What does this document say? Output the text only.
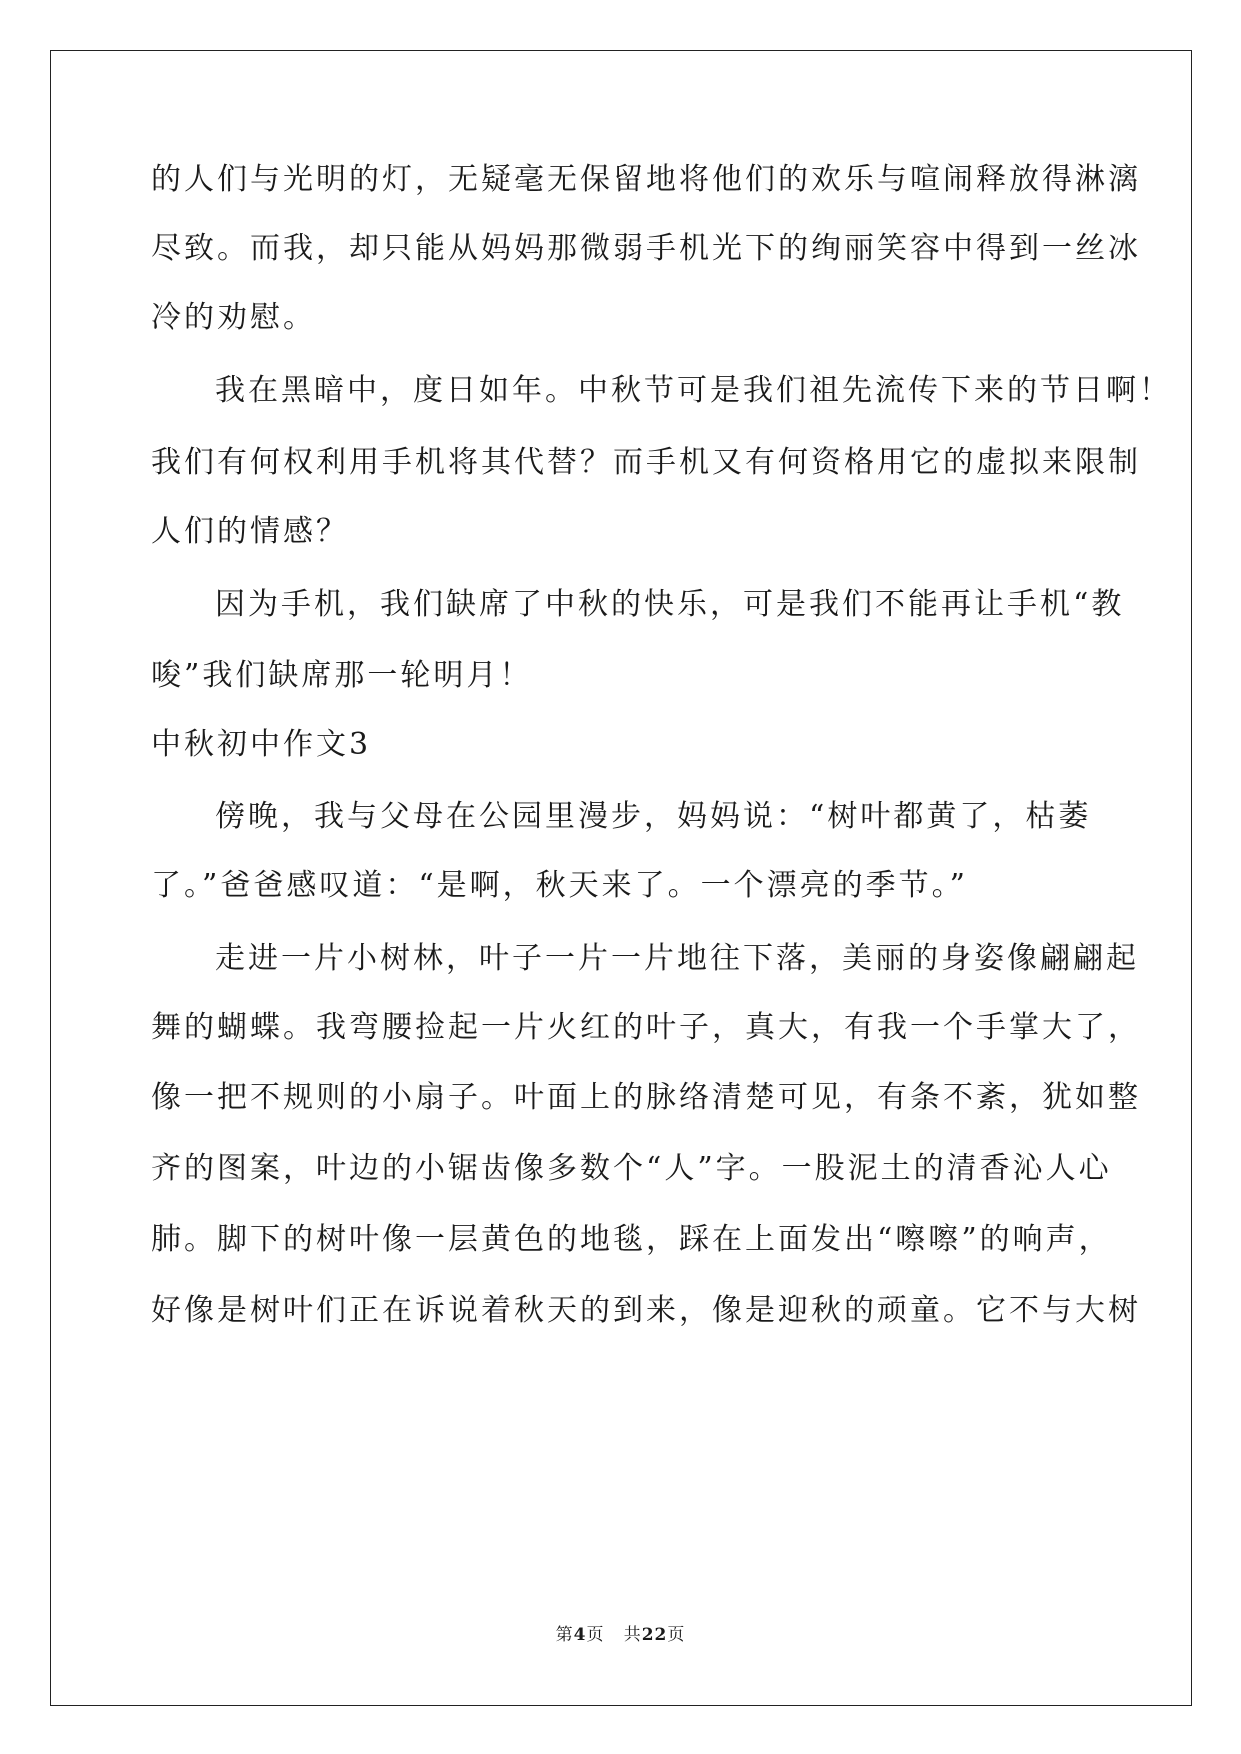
的人们与光明的灯，无疑毫无保留地将他们的欢乐与喧闹释放得淋漓
尽致。而我，却只能从妈妈那微弱手机光下的绚丽笑容中得到一丝冰
冷的劝慰。
我在黑暗中，度日如年。中秋节可是我们祖先流传下来的节日啊！
我们有何权利用手机将其代替？而手机又有何资格用它的虚拟来限制
人们的情感？
因为手机，我们缺席了中秋的快乐，可是我们不能再让手机“教
唆”我们缺席那一轮明月！
中秋初中作文3
傍晚，我与父母在公园里漫步，妈妈说：“树叶都黄了，枯萎
了。”爸爸感叹道：“是啊，秋天来了。一个漂亮的季节。”
走进一片小树林，叶子一片一片地往下落，美丽的身姿像翩翩起
舞的蝴蝶。我弯腰捡起一片火红的叶子，真大，有我一个手掌大了，
像一把不规则的小扇子。叶面上的脉络清楚可见，有条不紊，犹如整
齐的图案，叶边的小锯齿像多数个“人”字。一股泥土的清香沁人心
肺。脚下的树叶像一层黄色的地毯，踩在上面发出“嚓嚓”的响声，
好像是树叶们正在诉说着秋天的到来，像是迎秋的顽童。它不与大树
第4页 共22页
